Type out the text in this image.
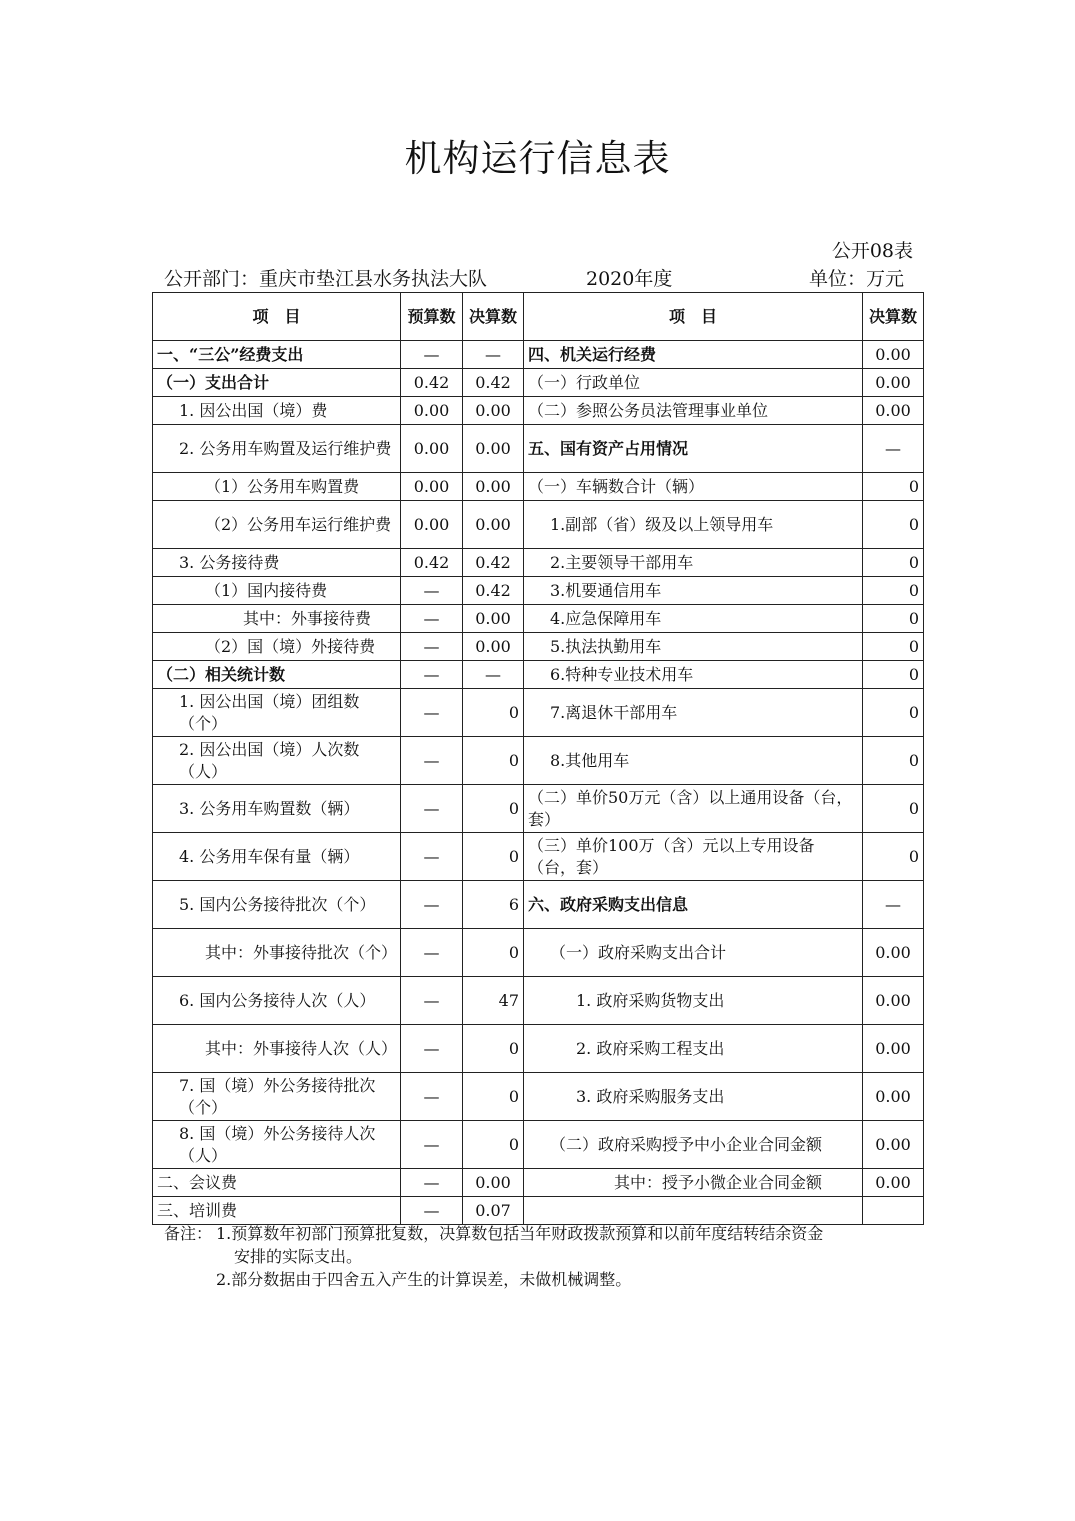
机构运行信息表
公开08表
公开部门：重庆市垫江县水务执法大队	2020年度	单位：万元
项　目	预算数	决算数	项　目	决算数
一、“三公”经费支出	—	—	四、机关运行经费	0.00
（一）支出合计	0.42	0.42	（一）行政单位	0.00
1. 因公出国（境）费	0.00	0.00	（二）参照公务员法管理事业单位	0.00
2. 公务用车购置及运行维护费	0.00	0.00	五、国有资产占用情况	—
（1）公务用车购置费	0.00	0.00	（一）车辆数合计（辆）	0
（2）公务用车运行维护费	0.00	0.00	1.副部（省）级及以上领导用车	0
3. 公务接待费	0.42	0.42	2.主要领导干部用车	0
（1）国内接待费	—	0.42	3.机要通信用车	0
其中：外事接待费	—	0.00	4.应急保障用车	0
（2）国（境）外接待费	—	0.00	5.执法执勤用车	0
（二）相关统计数	—	—	6.特种专业技术用车	0
1. 因公出国（境）团组数（个）	—	0	7.离退休干部用车	0
2. 因公出国（境）人次数（人）	—	0	8.其他用车	0
3. 公务用车购置数（辆）	—	0	（二）单价50万元（含）以上通用设备（台，套）	0
4. 公务用车保有量（辆）	—	0	（三）单价100万（含）元以上专用设备（台，套）	0
5. 国内公务接待批次（个）	—	6	六、政府采购支出信息	—
其中：外事接待批次（个）	—	0	（一）政府采购支出合计	0.00
6. 国内公务接待人次（人）	—	47	1. 政府采购货物支出	0.00
其中：外事接待人次（人）	—	0	2. 政府采购工程支出	0.00
7. 国（境）外公务接待批次（个）	—	0	3. 政府采购服务支出	0.00
8. 国（境）外公务接待人次（人）	—	0	（二）政府采购授予中小企业合同金额	0.00
二、会议费	—	0.00	其中：授予小微企业合同金额	0.00
三、培训费	—	0.07		
备注： 1.预算数年初部门预算批复数，决算数包括当年财政拨款预算和以前年度结转结余资金
安排的实际支出。
2.部分数据由于四舍五入产生的计算误差，未做机械调整。
